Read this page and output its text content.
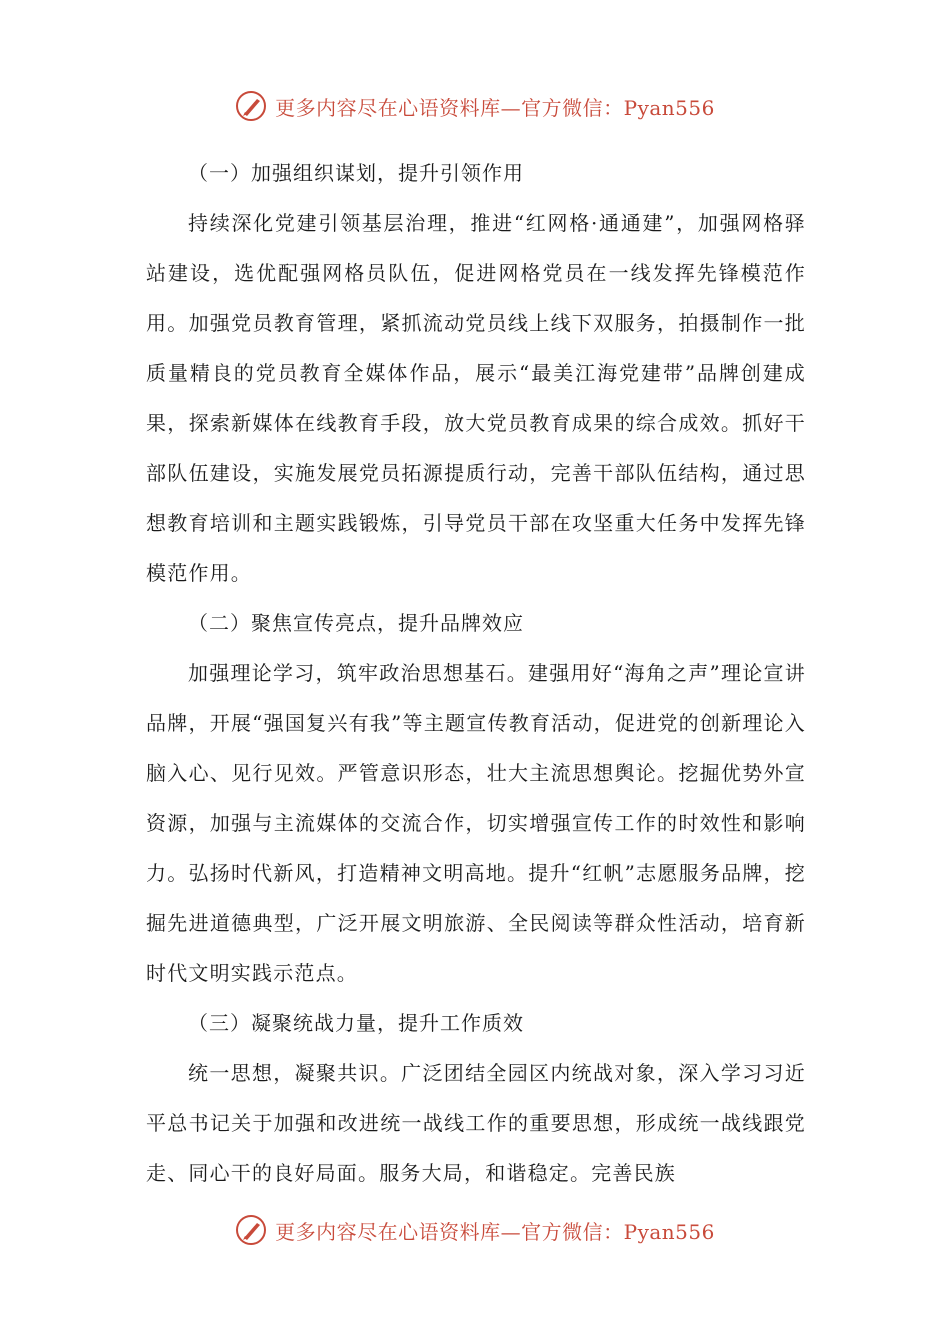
更多内容尽在心语资料库—官方微信：Pyan556
（一）加强组织谋划，提升引领作用

持续深化党建引领基层治理，推进“红网格·通通建”，加强网格驿站建设，选优配强网格员队伍，促进网格党员在一线发挥先锋模范作用。加强党员教育管理，紧抓流动党员线上线下双服务，拍摄制作一批质量精良的党员教育全媒体作品，展示“最美江海党建带”品牌创建成果，探索新媒体在线教育手段，放大党员教育成果的综合成效。抓好干部队伍建设，实施发展党员拓源提质行动，完善干部队伍结构，通过思想教育培训和主题实践锻炼，引导党员干部在攻坚重大任务中发挥先锋模范作用。

（二）聚焦宣传亮点，提升品牌效应

加强理论学习，筑牢政治思想基石。建强用好“海角之声”理论宣讲品牌，开展“强国复兴有我”等主题宣传教育活动，促进党的创新理论入脑入心、见行见效。严管意识形态，壮大主流思想舆论。挖掘优势外宣资源，加强与主流媒体的交流合作，切实增强宣传工作的时效性和影响力。弘扬时代新风，打造精神文明高地。提升“红帆”志愿服务品牌，挖掘先进道德典型，广泛开展文明旅游、全民阅读等群众性活动，培育新时代文明实践示范点。

（三）凝聚统战力量，提升工作质效

统一思想，凝聚共识。广泛团结全园区内统战对象，深入学习习近平总书记关于加强和改进统一战线工作的重要思想，形成统一战线跟党走、同心干的良好局面。服务大局，和谐稳定。完善民族

更多内容尽在心语资料库—官方微信：Pyan556
